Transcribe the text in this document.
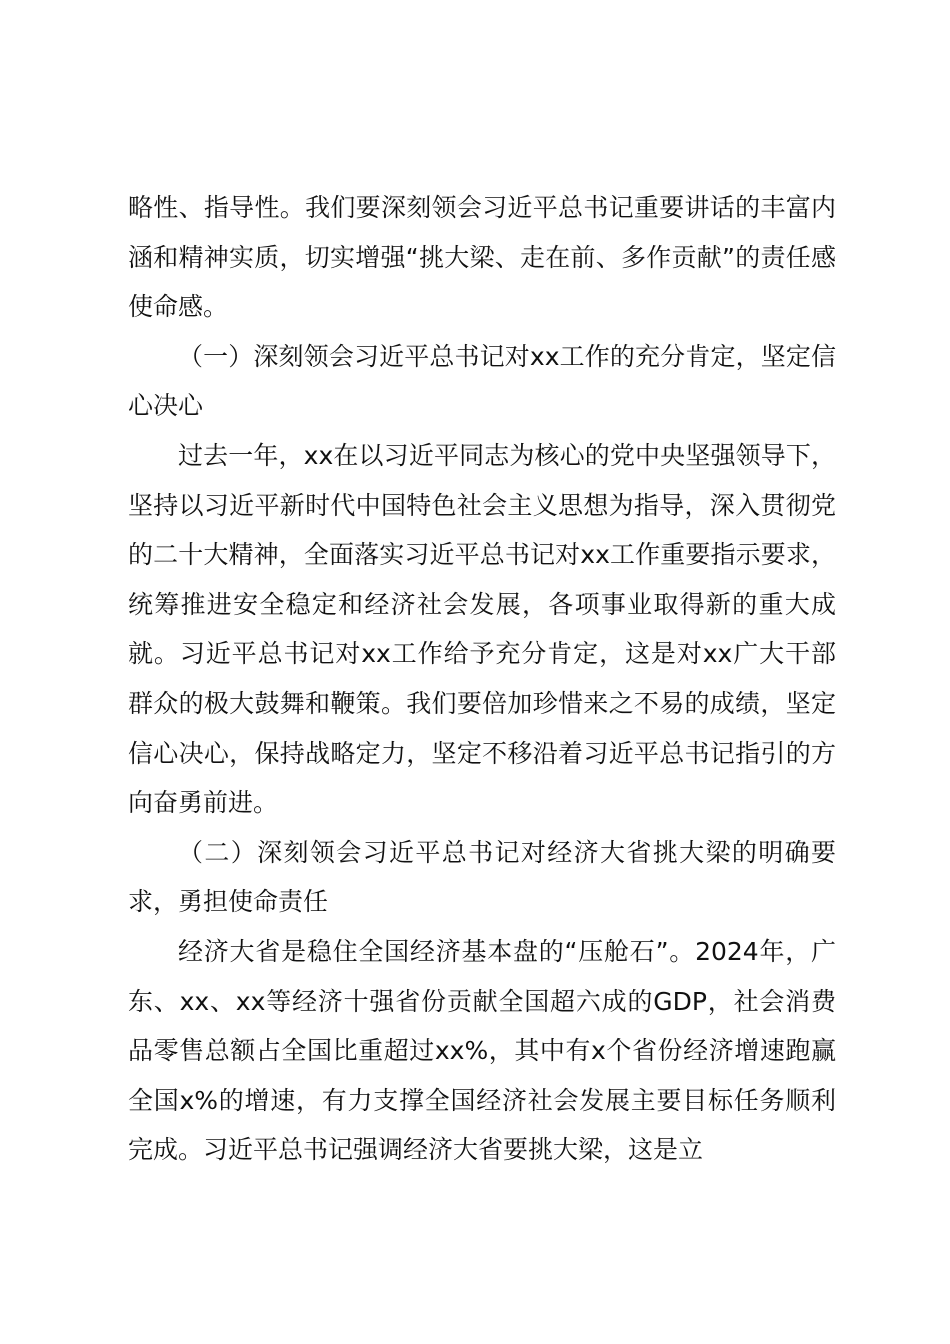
略性、指导性。我们要深刻领会习近平总书记重要讲话的丰富内涵和精神实质，切实增强“挑大梁、走在前、多作贡献”的责任感使命感。

（一）深刻领会习近平总书记对xx工作的充分肯定，坚定信心决心

过去一年，xx在以习近平同志为核心的党中央坚强领导下，坚持以习近平新时代中国特色社会主义思想为指导，深入贯彻党的二十大精神，全面落实习近平总书记对xx工作重要指示要求，统筹推进安全稳定和经济社会发展，各项事业取得新的重大成就。习近平总书记对xx工作给予充分肯定，这是对xx广大干部群众的极大鼓舞和鞭策。我们要倍加珍惜来之不易的成绩，坚定信心决心，保持战略定力，坚定不移沿着习近平总书记指引的方向奋勇前进。

（二）深刻领会习近平总书记对经济大省挑大梁的明确要求，勇担使命责任

经济大省是稳住全国经济基本盘的“压舱石”。2024年，广东、xx、xx等经济十强省份贡献全国超六成的GDP，社会消费品零售总额占全国比重超过xx%，其中有x个省份经济增速跑赢全国x%的增速，有力支撑全国经济社会发展主要目标任务顺利完成。习近平总书记强调经济大省要挑大梁，这是立
